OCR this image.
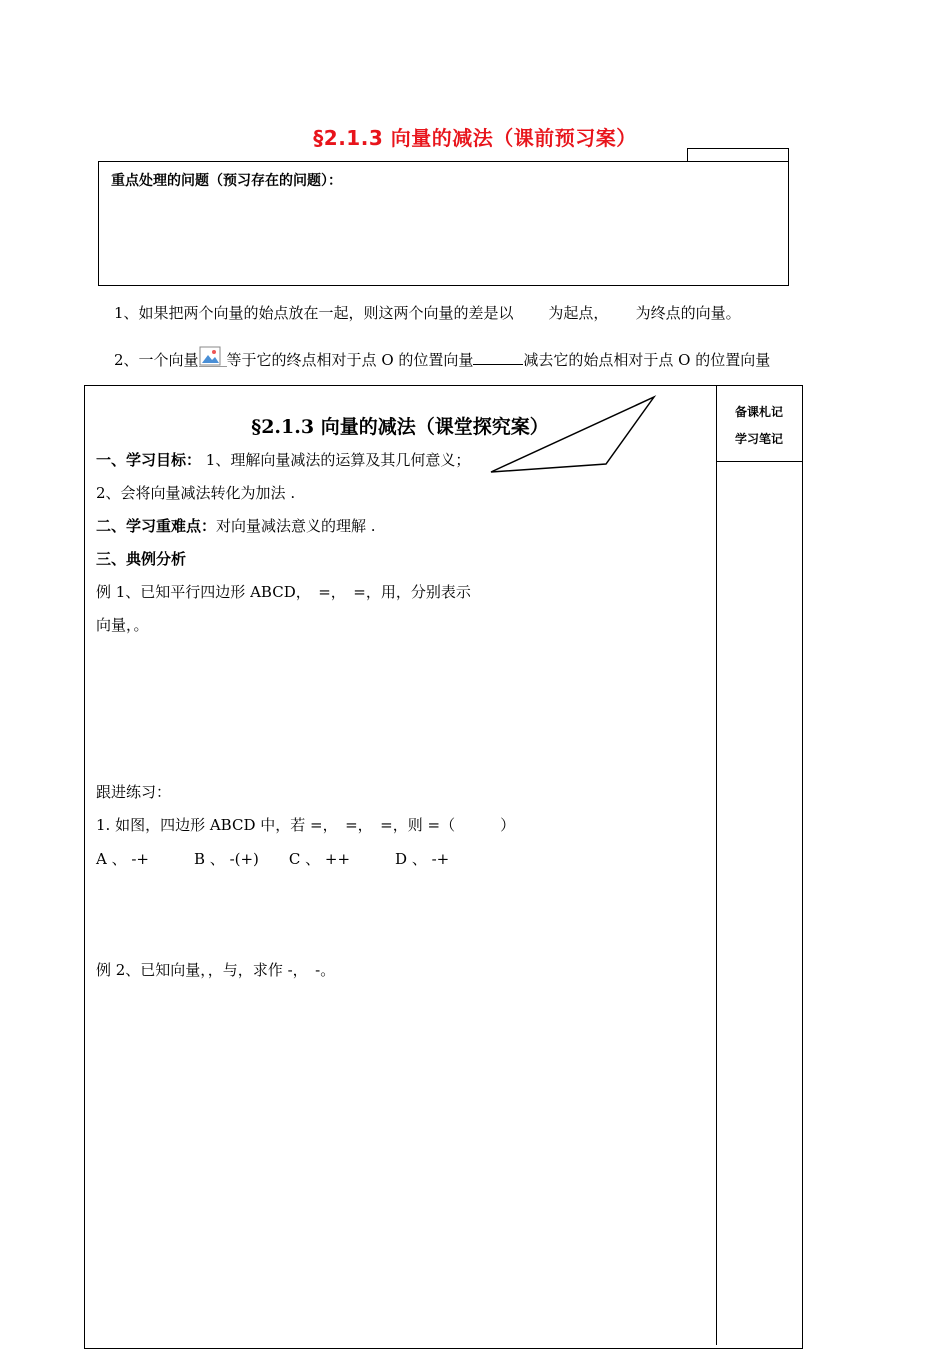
§2.1.3 向量的减法（课前预习案）
重点处理的问题（预习存在的问题）：
1、如果把两个向量的始点放在一起，则这两个向量的差是以　　 为起点，　　 为终点的向量。
2、一个向量 等于它的终点相对于点 O 的位置向量	减去它的始点相对于点 O 的位置向量
备课札记
学习笔记
§2.1.3 向量的减法（课堂探究案）
一、学习目标： 1、理解向量减法的运算及其几何意义；
2、会将向量减法转化为加法 .
二、学习重难点：对向量减法意义的理解 .
三、典例分析
例 1、已知平行四边形 ABCD，　=，　=，用，分别表示
向量，。
跟进练习：
1. 如图，四边形 ABCD 中，若 =，　=，　=，则 =（　　　）
A 、 -+　　　B 、 -(+)　　C 、 ++　　　D 、 -+
例 2、已知向量，，与，求作 -，　-。
